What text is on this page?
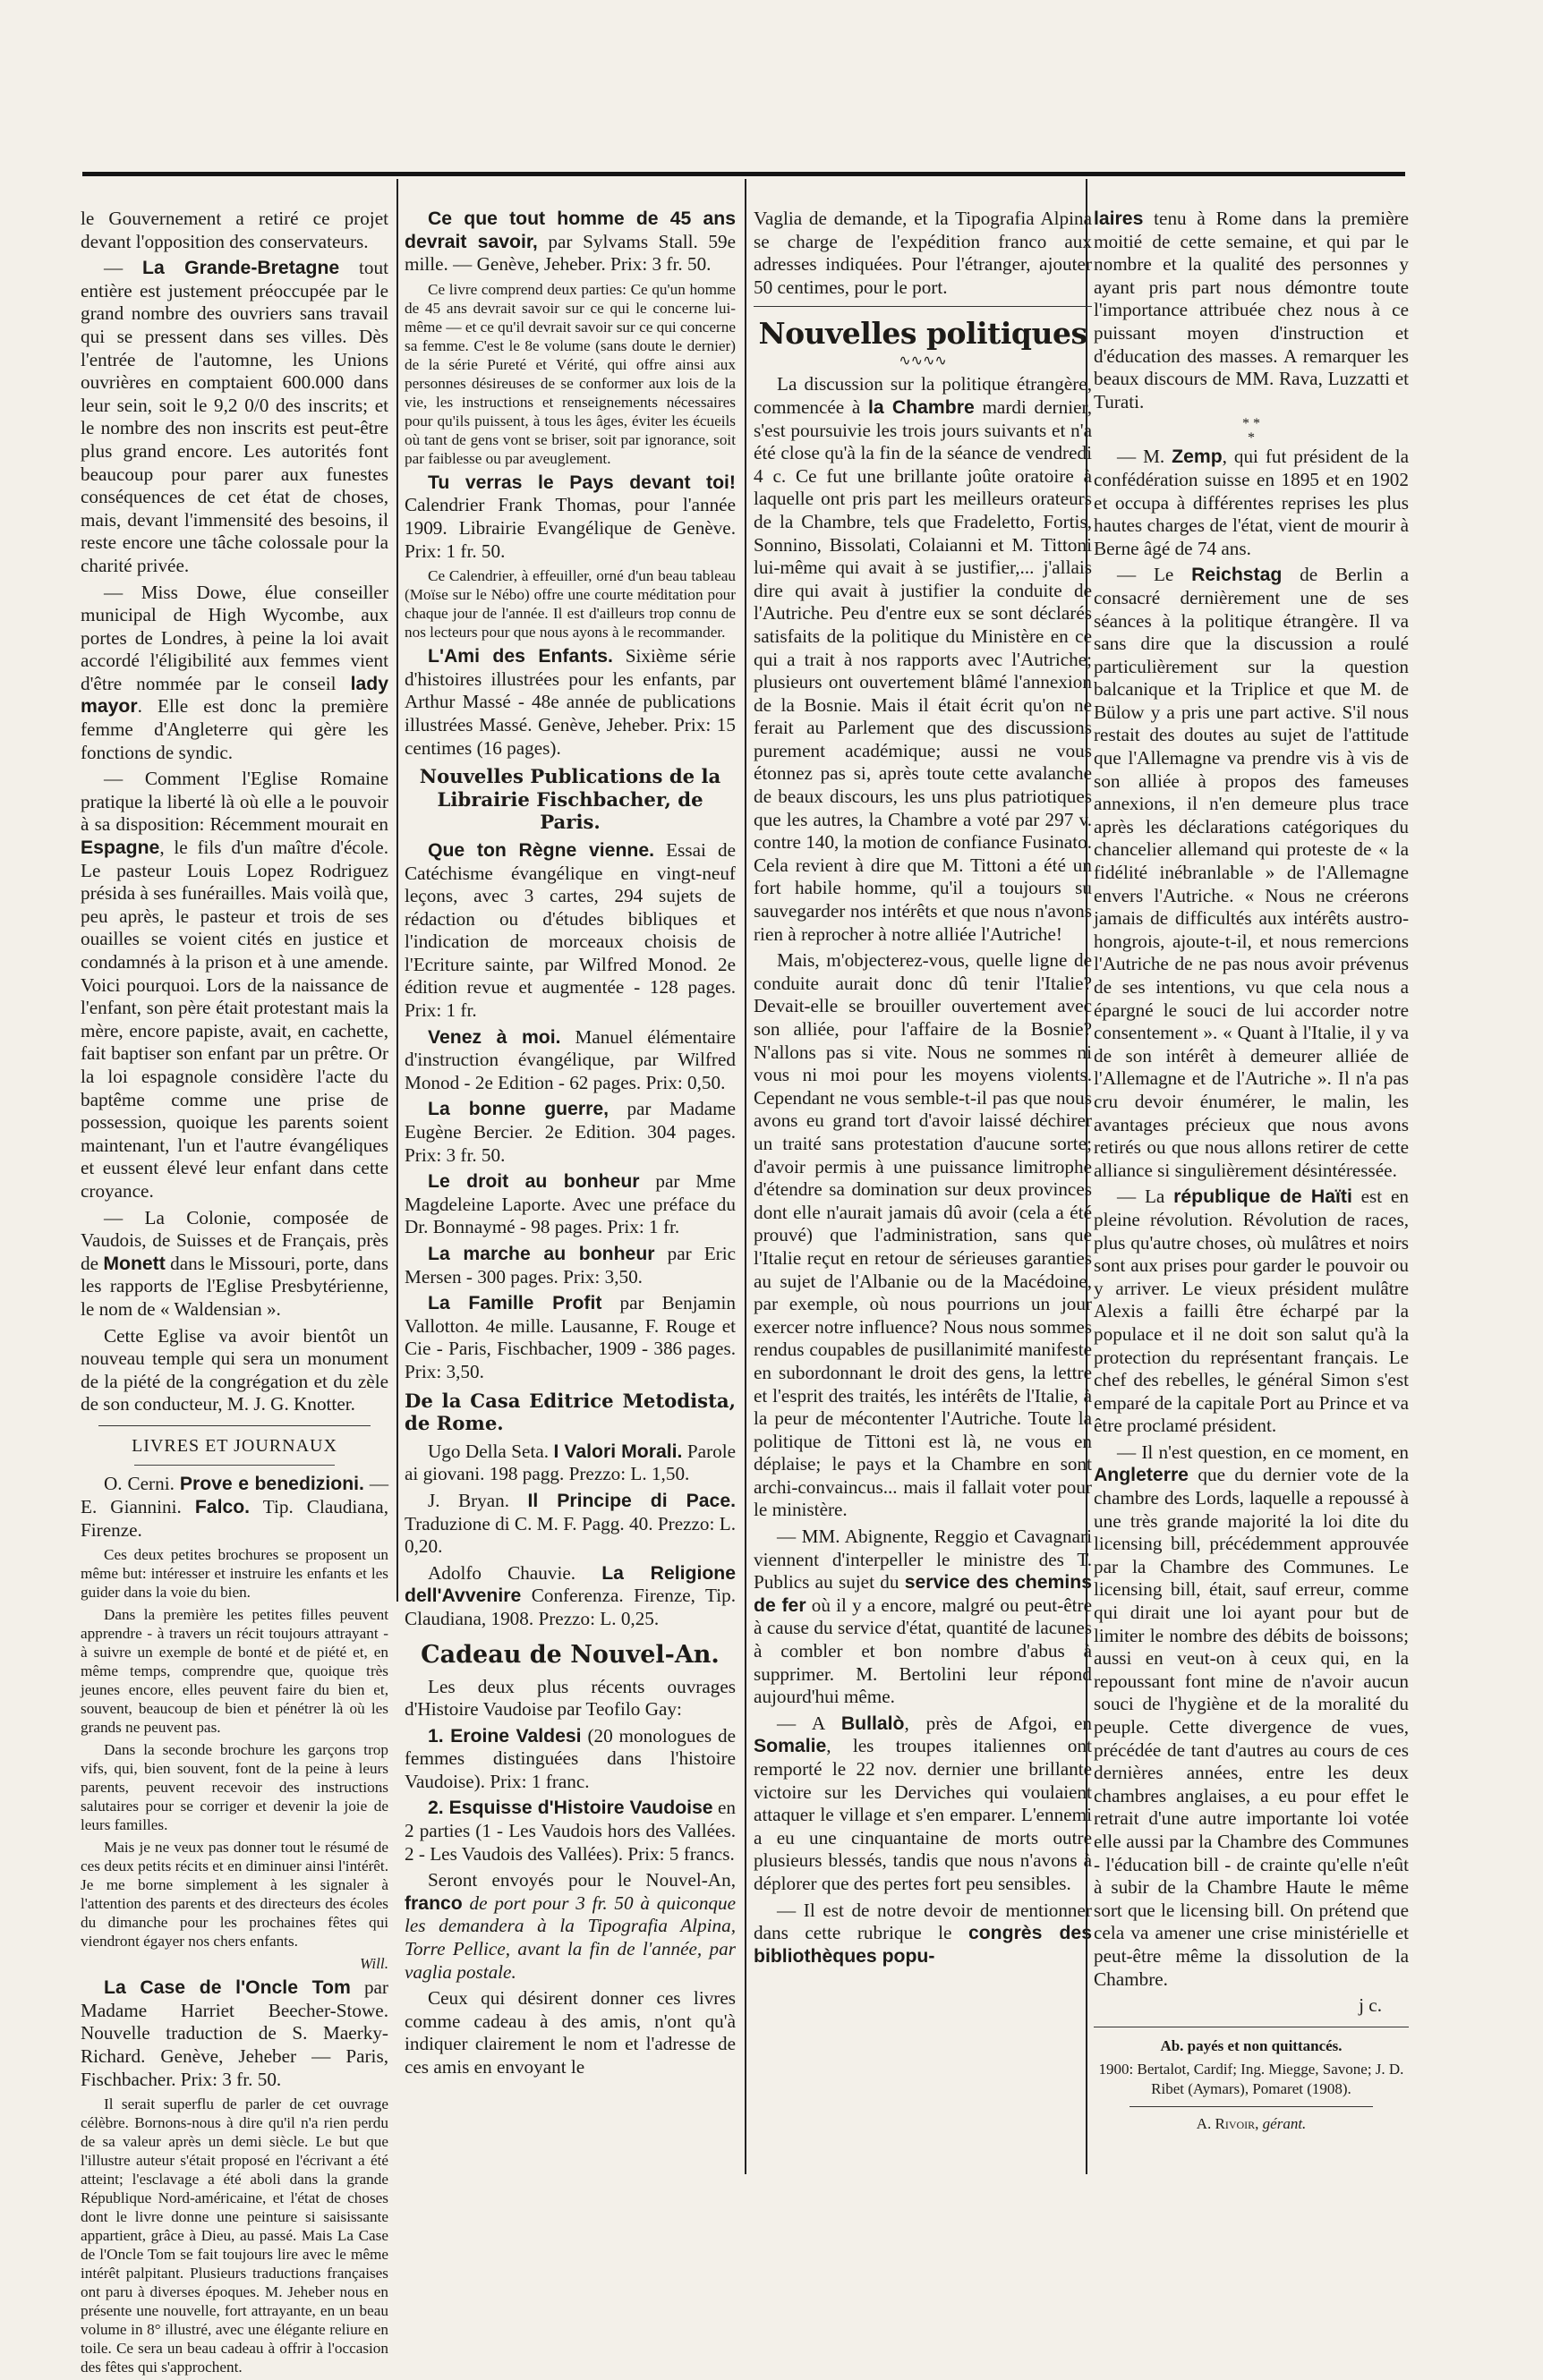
le Gouvernement a retiré ce projet devant l'opposition des conservateurs.

— La Grande-Bretagne tout entière est justement préoccupée par le grand nombre des ouvriers sans travail qui se pressent dans ses villes. Dès l'entrée de l'automne, les Unions ouvrières en comptaient 600.000 dans leur sein, soit le 9,2 0/0 des inscrits; et le nombre des non inscrits est peut-être plus grand encore. Les autorités font beaucoup pour parer aux funestes conséquences de cet état de choses, mais, devant l'immensité des besoins, il reste encore une tâche colossale pour la charité privée.

— Miss Dowe, élue conseiller municipal de High Wycombe, aux portes de Londres, à peine la loi avait accordé l'éligibilité aux femmes vient d'être nommée par le conseil lady mayor. Elle est donc la première femme d'Angleterre qui gère les fonctions de syndic.

— Comment l'Eglise Romaine pratique la liberté là où elle a le pouvoir à sa disposition: Récemment mourait en Espagne, le fils d'un maître d'école. Le pasteur Louis Lopez Rodriguez présida à ses funérailles. Mais voilà que, peu après, le pasteur et trois de ses ouailles se voient cités en justice et condamnés à la prison et à une amende. Voici pourquoi. Lors de la naissance de l'enfant, son père était protestant mais la mère, encore papiste, avait, en cachette, fait baptiser son enfant par un prêtre. Or la loi espagnole considère l'acte du baptême comme une prise de possession, quoique les parents soient maintenant, l'un et l'autre évangéliques et eussent élevé leur enfant dans cette croyance.

— La Colonie, composée de Vaudois, de Suisses et de Français, près de Monett dans le Missouri, porte, dans les rapports de l'Eglise Presbytérienne, le nom de « Waldensian ».

Cette Eglise va avoir bientôt un nouveau temple qui sera un monument de la piété de la congrégation et du zèle de son conducteur, M. J. G. Knotter.

LIVRES ET JOURNAUX

O. Cerni. Prove e benedizioni. — E. Giannini. Falco. Tip. Claudiana, Firenze.

Ces deux petites brochures se proposent un même but: intéresser et instruire les enfants et les guider dans la voie du bien.

Dans la première les petites filles peuvent apprendre - à travers un récit toujours attrayant - à suivre un exemple de bonté et de piété et, en même temps, comprendre que, quoique très jeunes encore, elles peuvent faire du bien et, souvent, beaucoup de bien et pénétrer là où les grands ne peuvent pas.

Dans la seconde brochure les garçons trop vifs, qui, bien souvent, font de la peine à leurs parents, peuvent recevoir des instructions salutaires pour se corriger et devenir la joie de leurs familles.

Mais je ne veux pas donner tout le résumé de ces deux petits récits et en diminuer ainsi l'intérêt. Je me borne simplement à les signaler à l'attention des parents et des directeurs des écoles du dimanche pour les prochaines fêtes qui viendront égayer nos chers enfants.

Will.

La Case de l'Oncle Tom par Madame Harriet Beecher-Stowe. Nouvelle traduction de S. Maerky-Richard. Genève, Jeheber — Paris, Fischbacher. Prix: 3 fr. 50.

Il serait superflu de parler de cet ouvrage célèbre. Bornons-nous à dire qu'il n'a rien perdu de sa valeur après un demi siècle. Le but que l'illustre auteur s'était proposé en l'écrivant a été atteint; l'esclavage a été aboli dans la grande République Nord-américaine, et l'état de choses dont le livre donne une peinture si saisissante appartient, grâce à Dieu, au passé. Mais La Case de l'Oncle Tom se fait toujours lire avec le même intérêt palpitant. Plusieurs traductions françaises ont paru à diverses époques. M. Jeheber nous en présente une nouvelle, fort attrayante, en un beau volume in 8° illustré, avec une élégante reliure en toile. Ce sera un beau cadeau à offrir à l'occasion des fêtes qui s'approchent.

Ce que tout homme de 45 ans devrait savoir, par Sylvams Stall. 59e mille. — Genève, Jeheber. Prix: 3 fr. 50.

Ce livre comprend deux parties: Ce qu'un homme de 45 ans devrait savoir sur ce qui le concerne lui-même — et ce qu'il devrait savoir sur ce qui concerne sa femme. C'est le 8e volume (sans doute le dernier) de la série Pureté et Vérité, qui offre ainsi aux personnes désireuses de se conformer aux lois de la vie, les instructions et renseignements nécessaires pour qu'ils puissent, à tous les âges, éviter les écueils où tant de gens vont se briser, soit par ignorance, soit par faiblesse ou par aveuglement.

Tu verras le Pays devant toi! Calendrier Frank Thomas, pour l'année 1909. Librairie Evangélique de Genève. Prix: 1 fr. 50.

Ce Calendrier, à effeuiller, orné d'un beau tableau (Moïse sur le Nébo) offre une courte méditation pour chaque jour de l'année. Il est d'ailleurs trop connu de nos lecteurs pour que nous ayons à le recommander.

L'Ami des Enfants. Sixième série d'histoires illustrées pour les enfants, par Arthur Massé - 48e année de publications illustrées Massé. Genève, Jeheber. Prix: 15 centimes (16 pages).

Nouvelles Publications de la Librairie Fischbacher, de Paris.

Que ton Règne vienne. Essai de Catéchisme évangélique en vingt-neuf leçons, avec 3 cartes, 294 sujets de rédaction ou d'études bibliques et l'indication de morceaux choisis de l'Ecriture sainte, par Wilfred Monod. 2e édition revue et augmentée - 128 pages. Prix: 1 fr.

Venez à moi. Manuel élémentaire d'instruction évangélique, par Wilfred Monod - 2e Edition - 62 pages. Prix: 0,50.

La bonne guerre, par Madame Eugène Bercier. 2e Edition. 304 pages. Prix: 3 fr. 50.

Le droit au bonheur par Mme Magdeleine Laporte. Avec une préface du Dr. Bonnaymé - 98 pages. Prix: 1 fr.

La marche au bonheur par Eric Mersen - 300 pages. Prix: 3,50.

La Famille Profit par Benjamin Vallotton. 4e mille. Lausanne, F. Rouge et Cie - Paris, Fischbacher, 1909 - 386 pages. Prix: 3,50.

De la Casa Editrice Metodista, de Rome.

Ugo Della Seta. I Valori Morali. Parole ai giovani. 198 pagg. Prezzo: L. 1,50.

J. Bryan. Il Principe di Pace. Traduzione di C. M. F. Pagg. 40. Prezzo: L. 0,20.

Adolfo Chauvie. La Religione dell'Avvenire Conferenza. Firenze, Tip. Claudiana, 1908. Prezzo: L. 0,25.

Cadeau de Nouvel-An.

Les deux plus récents ouvrages d'Histoire Vaudoise par Teofilo Gay:

1. Eroine Valdesi (20 monologues de femmes distinguées dans l'histoire Vaudoise). Prix: 1 franc.

2. Esquisse d'Histoire Vaudoise en 2 parties (1 - Les Vaudois hors des Vallées. 2 - Les Vaudois des Vallées). Prix: 5 francs.

Seront envoyés pour le Nouvel-An, franco de port pour 3 fr. 50 à quiconque les demandera à la Tipografia Alpina, Torre Pellice, avant la fin de l'année, par vaglia postale.

Ceux qui désirent donner ces livres comme cadeau à des amis, n'ont qu'à indiquer clairement le nom et l'adresse de ces amis en envoyant le

Vaglia de demande, et la Tipografia Alpina se charge de l'expédition franco aux adresses indiquées. Pour l'étranger, ajouter 50 centimes, pour le port.

Nouvelles politiques
∿∿∿∿

La discussion sur la politique étrangère, commencée à la Chambre mardi dernier, s'est poursuivie les trois jours suivants et n'a été close qu'à la fin de la séance de vendredi 4 c. Ce fut une brillante joûte oratoire à laquelle ont pris part les meilleurs orateurs de la Chambre, tels que Fradeletto, Fortis, Sonnino, Bissolati, Colaianni et M. Tittoni lui-même qui avait à se justifier,... j'allais dire qui avait à justifier la conduite de l'Autriche. Peu d'entre eux se sont déclarés satisfaits de la politique du Ministère en ce qui a trait à nos rapports avec l'Autriche; plusieurs ont ouvertement blâmé l'annexion de la Bosnie. Mais il était écrit qu'on ne ferait au Parlement que des discussions purement académique; aussi ne vous étonnez pas si, après toute cette avalanche de beaux discours, les uns plus patriotiques que les autres, la Chambre a voté par 297 v. contre 140, la motion de confiance Fusinato. Cela revient à dire que M. Tittoni a été un fort habile homme, qu'il a toujours su sauvegarder nos intérêts et que nous n'avons rien à reprocher à notre alliée l'Autriche!

Mais, m'objecterez-vous, quelle ligne de conduite aurait donc dû tenir l'Italie? Devait-elle se brouiller ouvertement avec son alliée, pour l'affaire de la Bosnie? N'allons pas si vite. Nous ne sommes ni vous ni moi pour les moyens violents. Cependant ne vous semble-t-il pas que nous avons eu grand tort d'avoir laissé déchirer un traité sans protestation d'aucune sorte; d'avoir permis à une puissance limitrophe d'étendre sa domination sur deux provinces dont elle n'aurait jamais dû avoir (cela a été prouvé) que l'administration, sans que l'Italie reçut en retour de sérieuses garanties au sujet de l'Albanie ou de la Macédoine, par exemple, où nous pourrions un jour exercer notre influence? Nous nous sommes rendus coupables de pusillanimité manifeste en subordonnant le droit des gens, la lettre et l'esprit des traités, les intérêts de l'Italie, à la peur de mécontenter l'Autriche. Toute la politique de Tittoni est là, ne vous en déplaise; le pays et la Chambre en sont archi-convaincus... mais il fallait voter pour le ministère.

— MM. Abignente, Reggio et Cavagnari viennent d'interpeller le ministre des T. Publics au sujet du service des chemins de fer où il y a encore, malgré ou peut-être à cause du service d'état, quantité de lacunes à combler et bon nombre d'abus à supprimer. M. Bertolini leur répond aujourd'hui même.

— A Bullalò, près de Afgoi, en Somalie, les troupes italiennes ont remporté le 22 nov. dernier une brillante victoire sur les Derviches qui voulaient attaquer le village et s'en emparer. L'ennemi a eu une cinquantaine de morts outre plusieurs blessés, tandis que nous n'avons à déplorer que des pertes fort peu sensibles.

— Il est de notre devoir de mentionner dans cette rubrique le congrès des bibliothèques popu-

laires tenu à Rome dans la première moitié de cette semaine, et qui par le nombre et la qualité des personnes y ayant pris part nous démontre toute l'importance attribuée chez nous à ce puissant moyen d'instruction et d'éducation des masses. A remarquer les beaux discours de MM. Rava, Luzzatti et Turati.

* *
*

— M. Zemp, qui fut président de la confédération suisse en 1895 et en 1902 et occupa à différentes reprises les plus hautes charges de l'état, vient de mourir à Berne âgé de 74 ans.

— Le Reichstag de Berlin a consacré dernièrement une de ses séances à la politique étrangère. Il va sans dire que la discussion a roulé particulièrement sur la question balcanique et la Triplice et que M. de Bülow y a pris une part active. S'il nous restait des doutes au sujet de l'attitude que l'Allemagne va prendre vis à vis de son alliée à propos des fameuses annexions, il n'en demeure plus trace après les déclarations catégoriques du chancelier allemand qui proteste de « la fidélité inébranlable » de l'Allemagne envers l'Autriche. « Nous ne créerons jamais de difficultés aux intérêts austro-hongrois, ajoute-t-il, et nous remercions l'Autriche de ne pas nous avoir prévenus de ses intentions, vu que cela nous a épargné le souci de lui accorder notre consentement ». « Quant à l'Italie, il y va de son intérêt à demeurer alliée de l'Allemagne et de l'Autriche ». Il n'a pas cru devoir énumérer, le malin, les avantages précieux que nous avons retirés ou que nous allons retirer de cette alliance si singulièrement désintéressée.

— La république de Haïti est en pleine révolution. Révolution de races, plus qu'autre choses, où mulâtres et noirs sont aux prises pour garder le pouvoir ou y arriver. Le vieux président mulâtre Alexis a failli être écharpé par la populace et il ne doit son salut qu'à la protection du représentant français. Le chef des rebelles, le général Simon s'est emparé de la capitale Port au Prince et va être proclamé président.

— Il n'est question, en ce moment, en Angleterre que du dernier vote de la chambre des Lords, laquelle a repoussé à une très grande majorité la loi dite du licensing bill, précédemment approuvée par la Chambre des Communes. Le licensing bill, était, sauf erreur, comme qui dirait une loi ayant pour but de limiter le nombre des débits de boissons; aussi en veut-on à ceux qui, en la repoussant font mine de n'avoir aucun souci de l'hygiène et de la moralité du peuple. Cette divergence de vues, précédée de tant d'autres au cours de ces dernières années, entre les deux chambres anglaises, a eu pour effet le retrait d'une autre importante loi votée elle aussi par la Chambre des Communes - l'éducation bill - de crainte qu'elle n'eût à subir de la Chambre Haute le même sort que le licensing bill. On prétend que cela va amener une crise ministérielle et peut-être même la dissolution de la Chambre.

j c.

Ab. payés et non quittancés.

1900: Bertalot, Cardif; Ing. Miegge, Savone; J. D. Ribet (Aymars), Pomaret (1908).

A. Rivoir, gérant.
